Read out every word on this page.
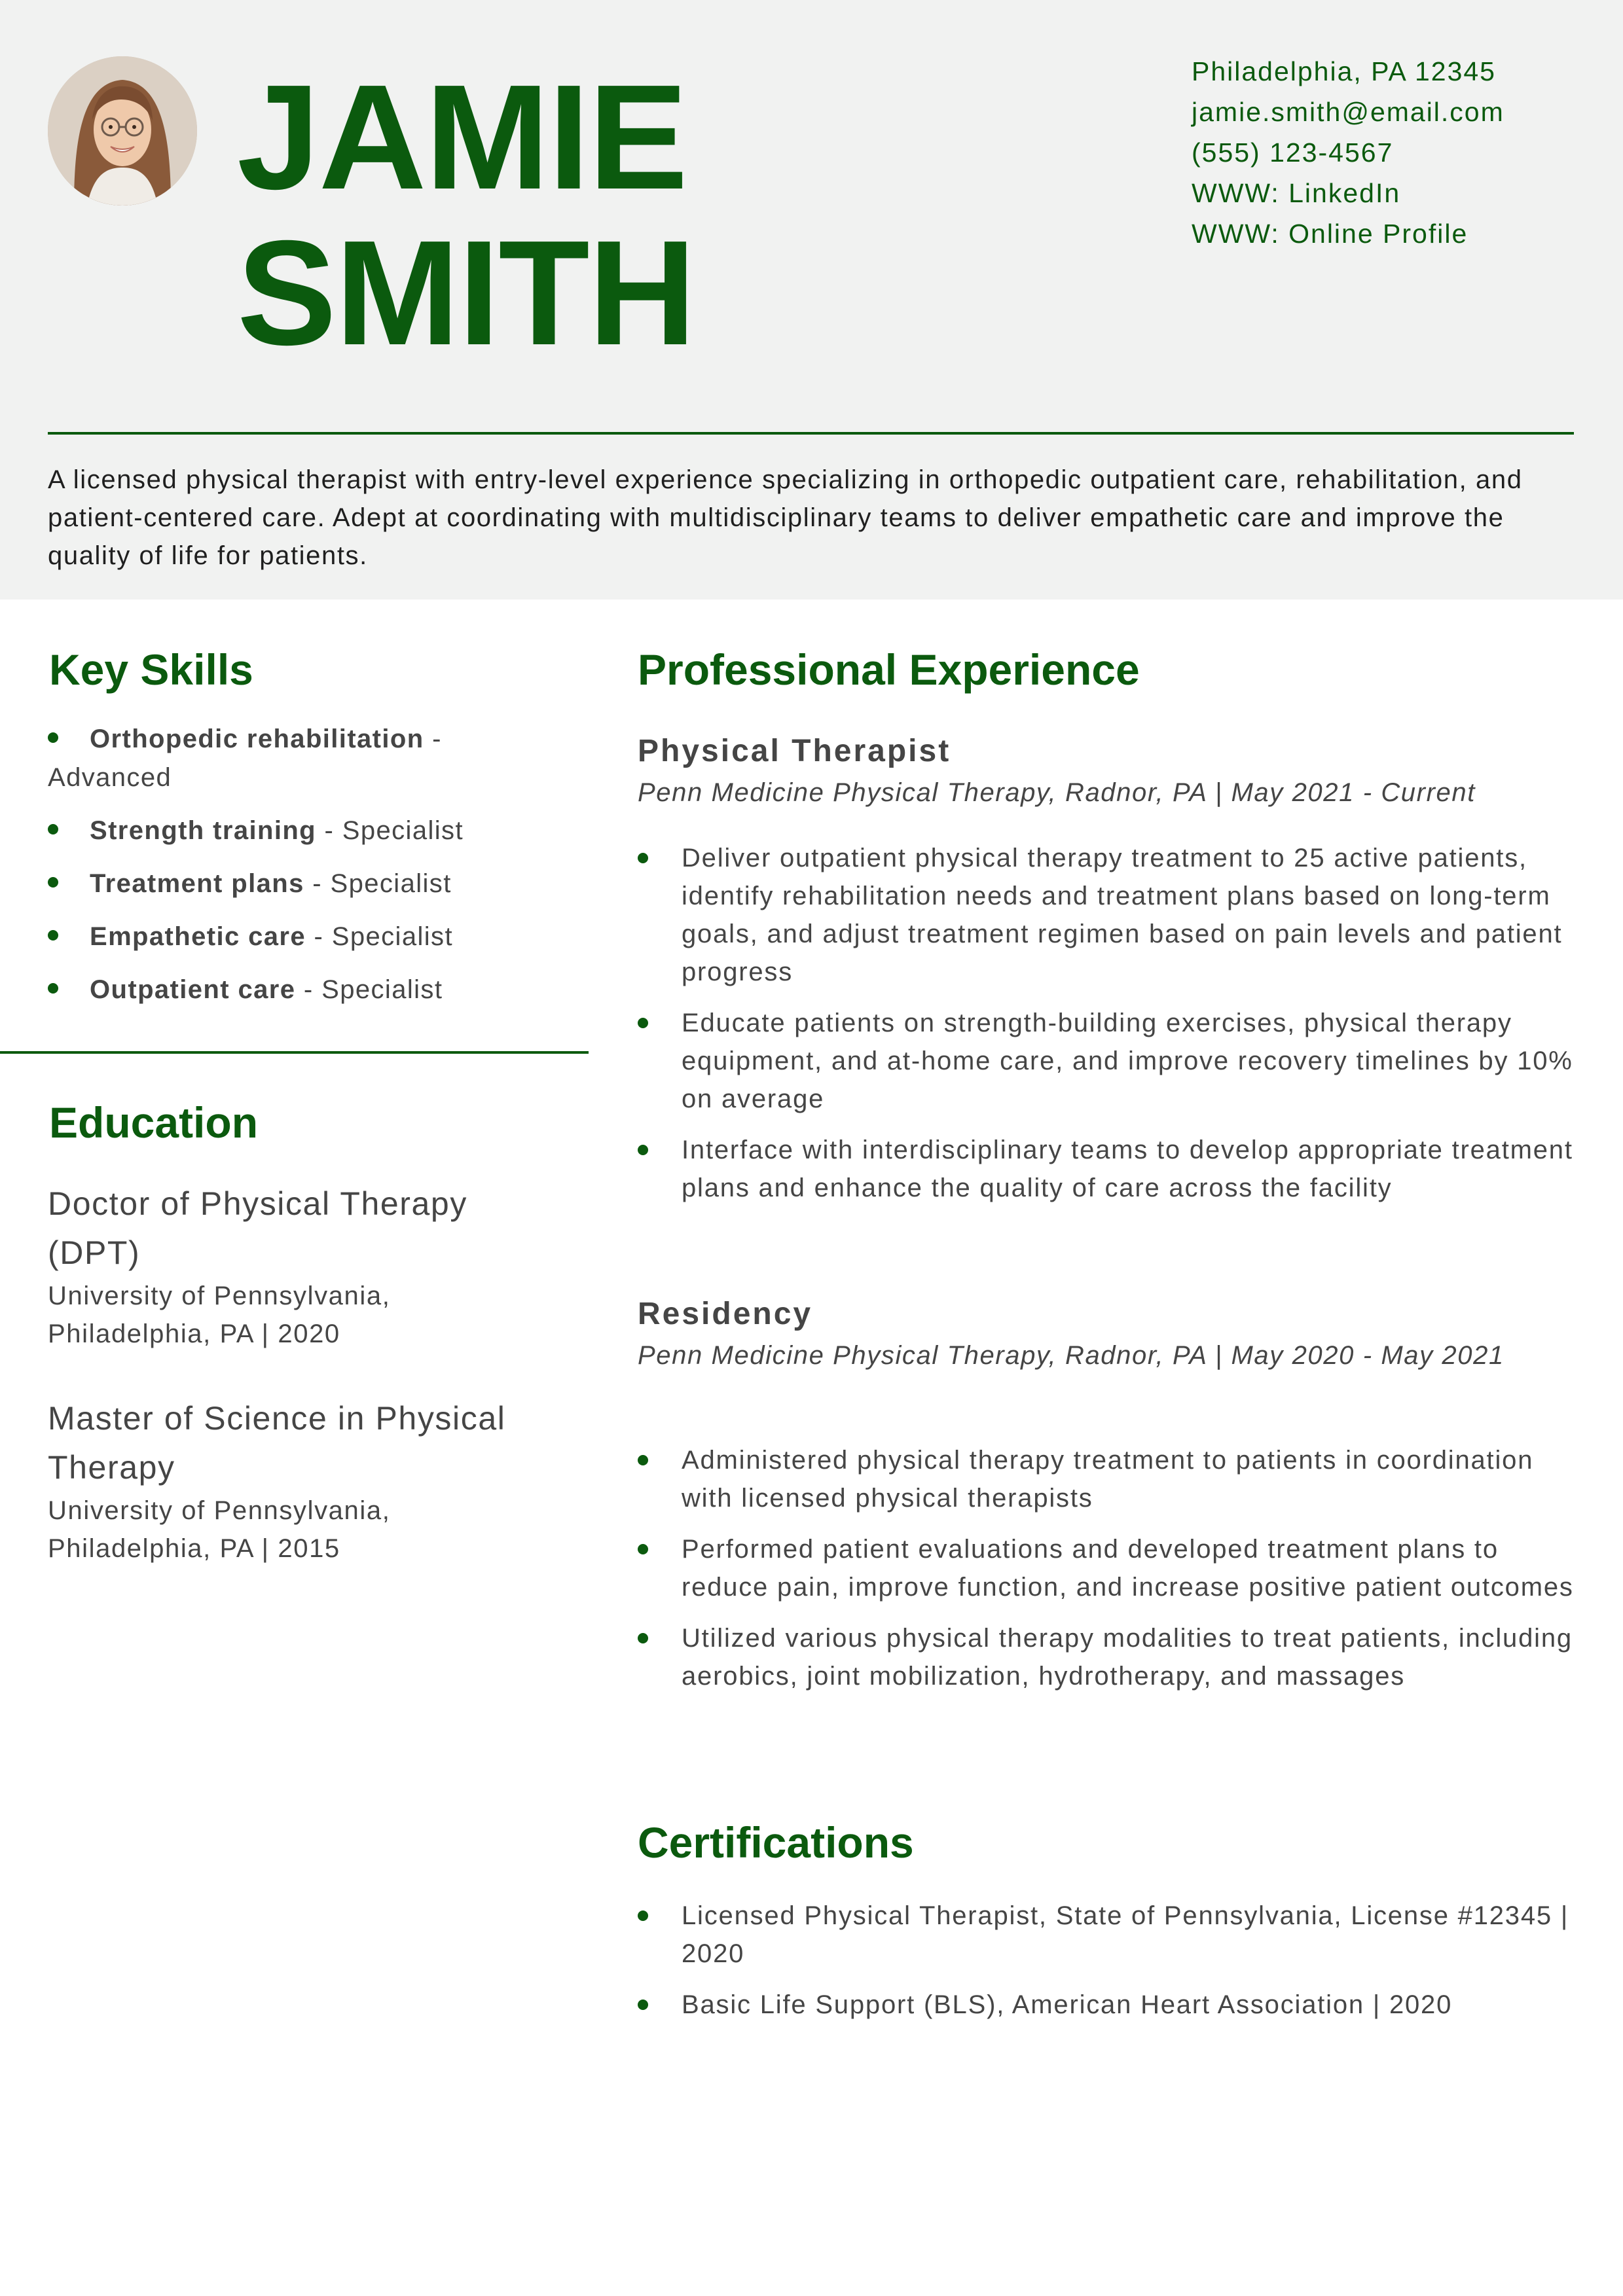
JAMIE
SMITH
Philadelphia, PA 12345
jamie.smith@email.com
(555) 123-4567
WWW: LinkedIn
WWW: Online Profile
A licensed physical therapist with entry-level experience specializing in orthopedic outpatient care, rehabilitation, and patient-centered care. Adept at coordinating with multidisciplinary teams to deliver empathetic care and improve the quality of life for patients.
Key Skills
Orthopedic rehabilitation - Advanced
Strength training - Specialist
Treatment plans - Specialist
Empathetic care - Specialist
Outpatient care - Specialist
Education
Doctor of Physical Therapy (DPT)
University of Pennsylvania, Philadelphia, PA | 2020
Master of Science in Physical Therapy
University of Pennsylvania, Philadelphia, PA | 2015
Professional Experience
Physical Therapist
Penn Medicine Physical Therapy, Radnor, PA | May 2021 - Current
Deliver outpatient physical therapy treatment to 25 active patients, identify rehabilitation needs and treatment plans based on long-term goals, and adjust treatment regimen based on pain levels and patient progress
Educate patients on strength-building exercises, physical therapy equipment, and at-home care, and improve recovery timelines by 10% on average
Interface with interdisciplinary teams to develop appropriate treatment plans and enhance the quality of care across the facility
Residency
Penn Medicine Physical Therapy, Radnor, PA | May 2020 - May 2021
Administered physical therapy treatment to patients in coordination with licensed physical therapists
Performed patient evaluations and developed treatment plans to reduce pain, improve function, and increase positive patient outcomes
Utilized various physical therapy modalities to treat patients, including aerobics, joint mobilization, hydrotherapy, and massages
Certifications
Licensed Physical Therapist, State of Pennsylvania, License #12345 | 2020
Basic Life Support (BLS), American Heart Association | 2020
